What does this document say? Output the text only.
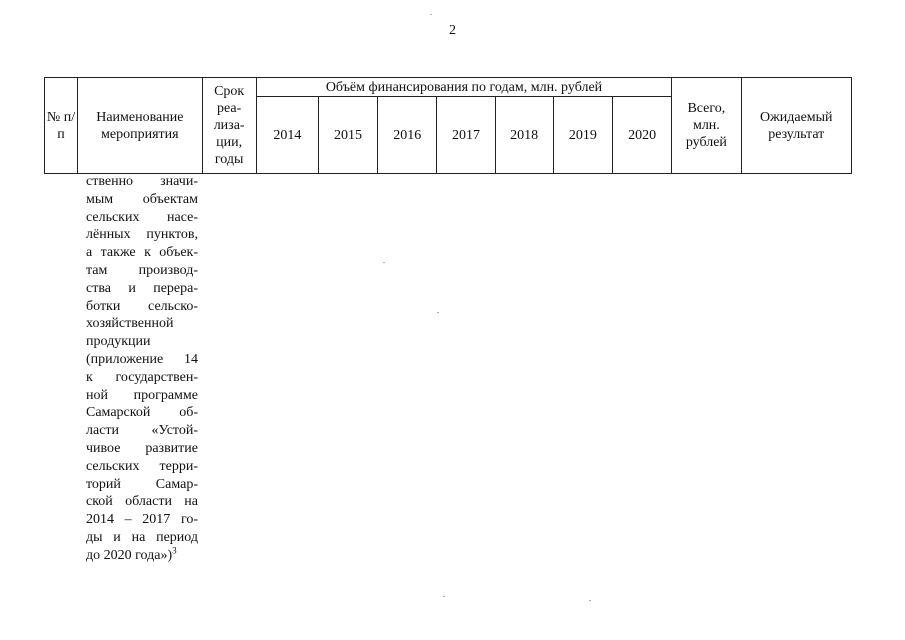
2
№ п/п	Наименование мероприятия	Срок реа-лиза-ции, годы	Объём финансирования по годам, млн. рублей							Всего, млн. рублей	Ожидаемый результат
			2014	2015	2016	2017	2018	2019	2020		
ственно значи-
мым объектам
сельских насе-
лённых пунктов,
а также к объек-
там производ-
ства и перера-
ботки сельско-
хозяйственной
продукции
(приложение 14
к государствен-
ной программе
Самарской об-
ласти «Устой-
чивое развитие
сельских терри-
торий Самар-
ской области на
2014 – 2017 го-
ды и на период
до 2020 года»)$^3$
